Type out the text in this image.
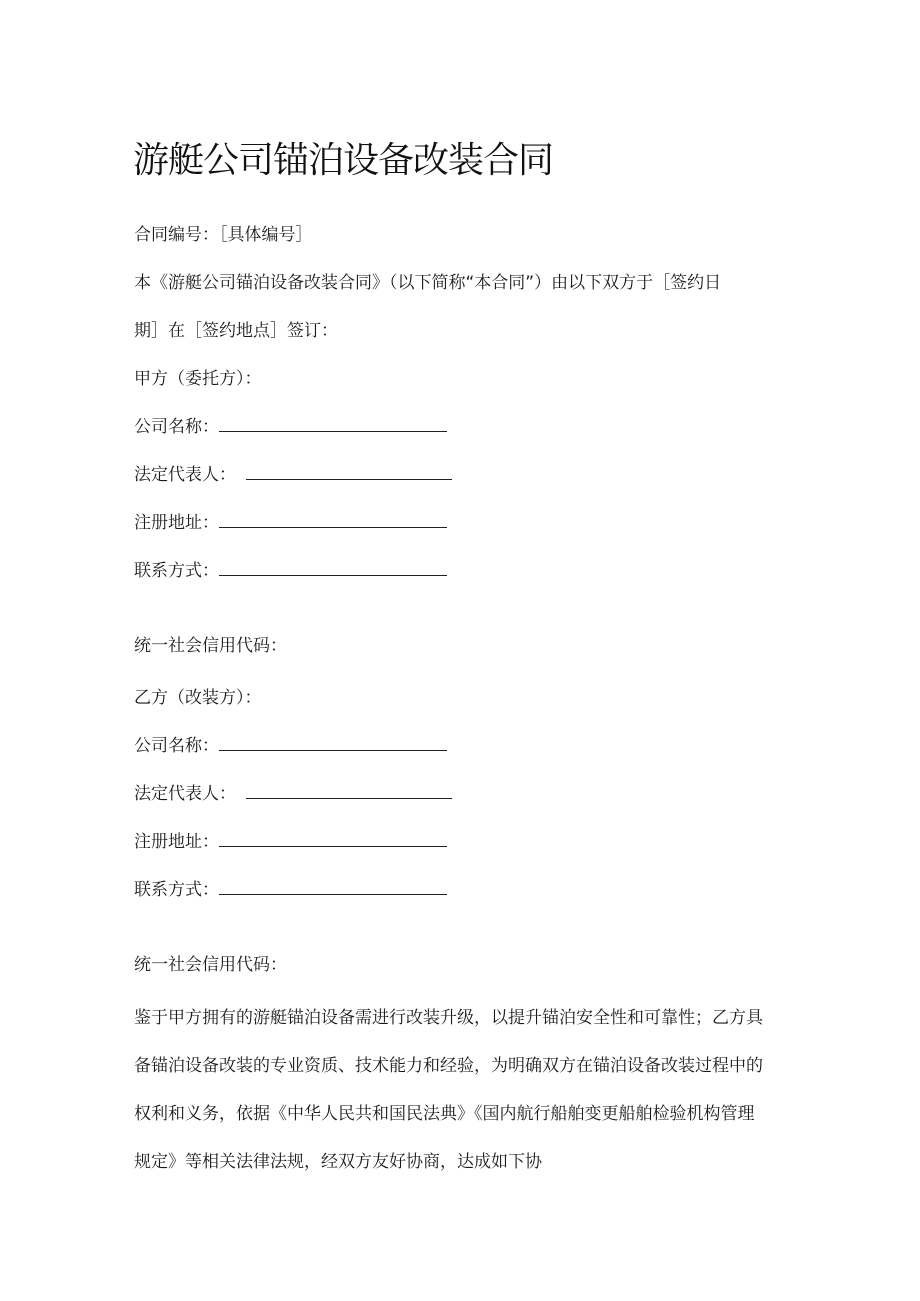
游艇公司锚泊设备改装合同
合同编号：［具体编号］
本《游艇公司锚泊设备改装合同》（以下简称“本合同”）由以下双方于［签约日
期］在［签约地点］签订：
甲方（委托方）：
公司名称：
法定代表人：
注册地址：
联系方式：
统一社会信用代码：
乙方（改装方）：
公司名称：
法定代表人：
注册地址：
联系方式：
统一社会信用代码：
鉴于甲方拥有的游艇锚泊设备需进行改装升级，以提升锚泊安全性和可靠性；乙方具
备锚泊设备改装的专业资质、技术能力和经验，为明确双方在锚泊设备改装过程中的
权利和义务，依据《中华人民共和国民法典》《国内航行船舶变更船舶检验机构管理
规定》等相关法律法规，经双方友好协商，达成如下协
